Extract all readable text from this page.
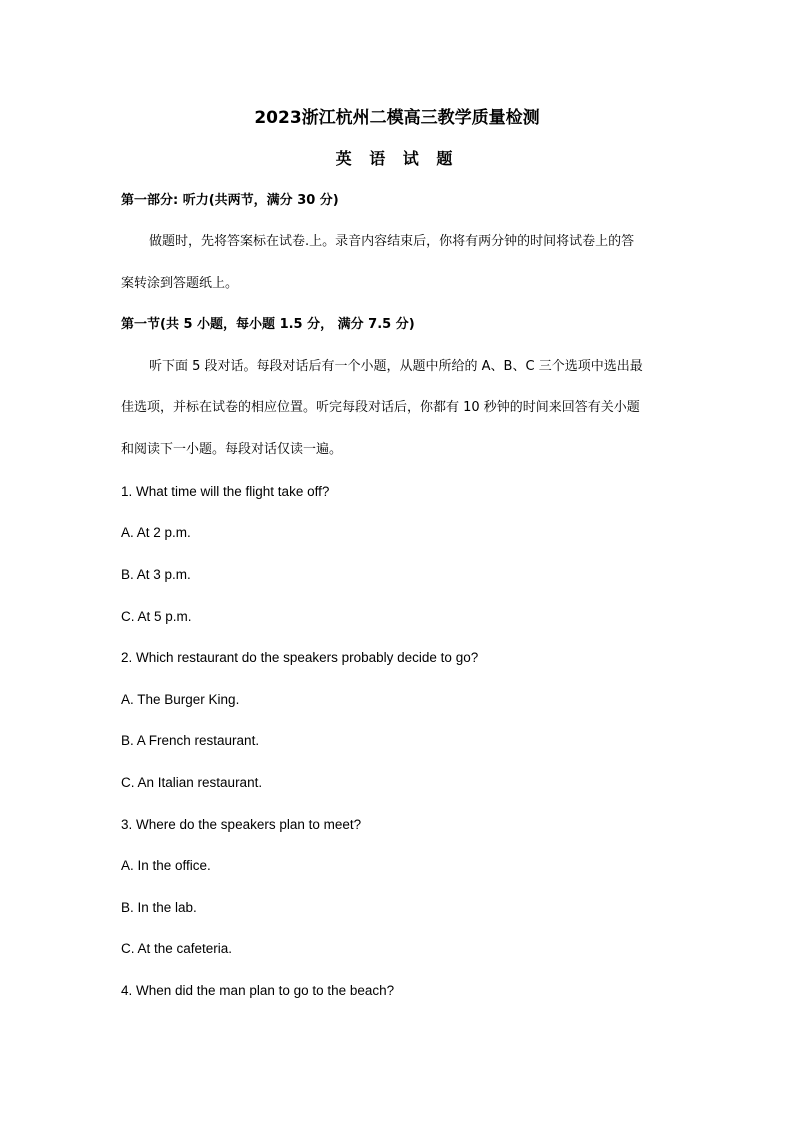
2023浙江杭州二模高三教学质量检测
英 语 试 题
第一部分: 听力(共两节，满分 30 分)
做题时，先将答案标在试卷.上。录音内容结束后，你将有两分钟的时间将试卷上的答
案转涂到答题纸上。
第一节(共 5 小题，每小题 1.5 分， 满分 7.5 分)
听下面 5 段对话。每段对话后有一个小题，从题中所给的 A、B、C 三个选项中选出最
佳选项，并标在试卷的相应位置。听完每段对话后，你都有 10 秒钟的时间来回答有关小题
和阅读下一小题。每段对话仅读一遍。
1. What time will the flight take off?
A. At 2 p.m.
B. At 3 p.m.
C. At 5 p.m.
2. Which restaurant do the speakers probably decide to go?
A. The Burger King.
B. A French restaurant.
C. An Italian restaurant.
3. Where do the speakers plan to meet?
A. In the office.
B. In the lab.
C. At the cafeteria.
4. When did the man plan to go to the beach?
